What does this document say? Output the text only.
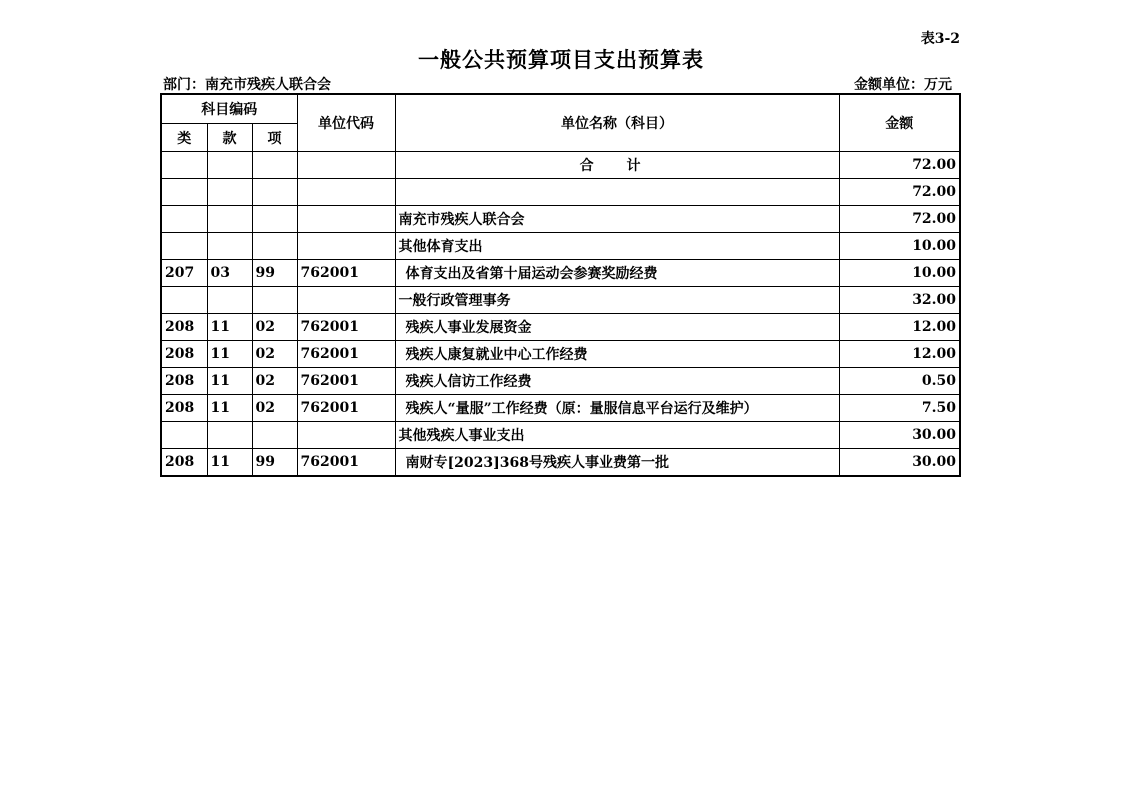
表3-2
一般公共预算项目支出预算表
部门：南充市残疾人联合会	金额单位：万元
科目编码			单位代码	单位名称（科目）	金额
类	款	项			
				合 计	72.00
					72.00
				南充市残疾人联合会	72.00
				其他体育支出	10.00
207	03	99	762001	体育支出及省第十届运动会参赛奖励经费	10.00
				一般行政管理事务	32.00
208	11	02	762001	残疾人事业发展资金	12.00
208	11	02	762001	残疾人康复就业中心工作经费	12.00
208	11	02	762001	残疾人信访工作经费	0.50
208	11	02	762001	残疾人“量服”工作经费（原：量服信息平台运行及维护）	7.50
				其他残疾人事业支出	30.00
208	11	99	762001	南财专[2023]368号残疾人事业费第一批	30.00
